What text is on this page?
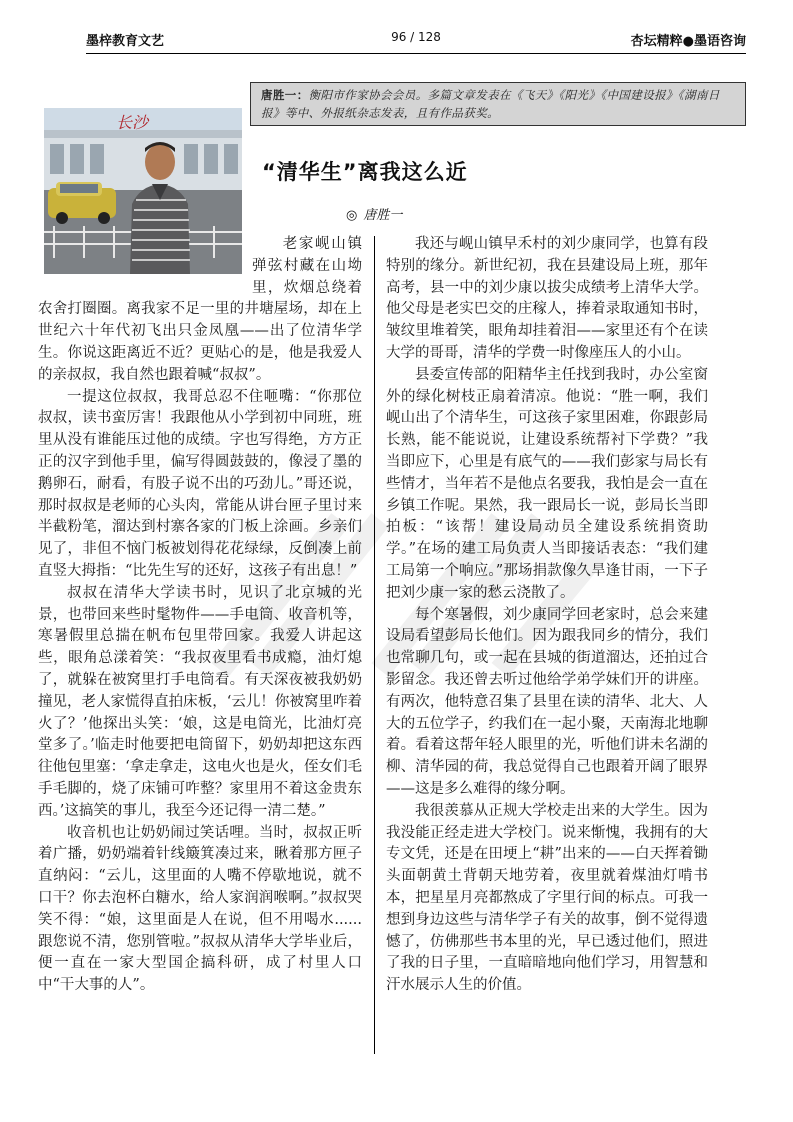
墨梓教育文艺	96 / 128	杏坛精粹●墨语咨询
唐胜一：衡阳市作家协会会员。多篇文章发表在《飞天》《阳光》《中国建设报》《湖南日报》等中、外报纸杂志发表，且有作品获奖。
长沙
“清华生”离我这么近
◎ 唐胜一

老家岘山镇弹弦村藏在山坳里，炊烟总绕着农舍打圈圈。离我家不足一里的井塘屋场，却在上世纪六十年代初飞出只金凤凰——出了位清华学生。你说这距离近不近？更贴心的是，他是我爱人的亲叔叔，我自然也跟着喊“叔叔”。

一提这位叔叔，我哥总忍不住咂嘴：“你那位叔叔，读书蛮厉害！我跟他从小学到初中同班，班里从没有谁能压过他的成绩。字也写得绝，方方正正的汉字到他手里，偏写得圆鼓鼓的，像浸了墨的鹅卵石，耐看，有股子说不出的巧劲儿。”哥还说，那时叔叔是老师的心头肉，常能从讲台匣子里讨来半截粉笔，溜达到村寨各家的门板上涂画。乡亲们见了，非但不恼门板被划得花花绿绿，反倒凑上前直竖大拇指：“比先生写的还好，这孩子有出息！”

叔叔在清华大学读书时，见识了北京城的光景，也带回来些时髦物件——手电筒、收音机等，寒暑假里总揣在帆布包里带回家。我爱人讲起这些，眼角总漾着笑：“我叔夜里看书成瘾，油灯熄了，就躲在被窝里打手电筒看。有天深夜被我奶奶撞见，老人家慌得直拍床板，‘云儿！你被窝里咋着火了？’他探出头笑：‘娘，这是电筒光，比油灯亮堂多了。’临走时他要把电筒留下，奶奶却把这东西往他包里塞：‘拿走拿走，这电火也是火，侄女们毛手毛脚的，烧了床铺可咋整？家里用不着这金贵东西。’这搞笑的事儿，我至今还记得一清二楚。”

收音机也让奶奶闹过笑话哩。当时，叔叔正听着广播，奶奶端着针线簸箕凑过来，瞅着那方匣子直纳闷：“云儿，这里面的人嘴不停歇地说，就不口干？你去泡杯白糖水，给人家润润喉啊。”叔叔哭笑不得：“娘，这里面是人在说，但不用喝水......跟您说不清，您别管啦。”叔叔从清华大学毕业后，便一直在一家大型国企搞科研，成了村里人口中“干大事的人”。

我还与岘山镇早禾村的刘少康同学，也算有段特别的缘分。新世纪初，我在县建设局上班，那年高考，县一中的刘少康以拔尖成绩考上清华大学。他父母是老实巴交的庄稼人，捧着录取通知书时，皱纹里堆着笑，眼角却挂着泪——家里还有个在读大学的哥哥，清华的学费一时像座压人的小山。

县委宣传部的阳精华主任找到我时，办公室窗外的绿化树枝正扇着清凉。他说：“胜一啊，我们岘山出了个清华生，可这孩子家里困难，你跟彭局长熟，能不能说说，让建设系统帮衬下学费？”我当即应下，心里是有底气的——我们彭家与局长有些情才，当年若不是他点名要我，我怕是会一直在乡镇工作呢。果然，我一跟局长一说，彭局长当即拍板：“该帮！建设局动员全建设系统捐资助学。”在场的建工局负责人当即接话表态：“我们建工局第一个响应。”那场捐款像久旱逢甘雨，一下子把刘少康一家的愁云浇散了。

每个寒暑假，刘少康同学回老家时，总会来建设局看望彭局长他们。因为跟我同乡的情分，我们也常聊几句，或一起在县城的街道溜达，还拍过合影留念。我还曾去听过他给学弟学妹们开的讲座。有两次，他特意召集了县里在读的清华、北大、人大的五位学子，约我们在一起小聚，天南海北地聊着。看着这帮年轻人眼里的光，听他们讲未名湖的柳、清华园的荷，我总觉得自己也跟着开阔了眼界——这是多么难得的缘分啊。

我很羡慕从正规大学校走出来的大学生。因为我没能正经走进大学校门。说来惭愧，我拥有的大专文凭，还是在田埂上“耕”出来的——白天挥着锄头面朝黄土背朝天地劳着，夜里就着煤油灯啃书本，把星星月亮都熬成了字里行间的标点。可我一想到身边这些与清华学子有关的故事，倒不觉得遗憾了，仿佛那些书本里的光，早已透过他们，照进了我的日子里，一直暗暗地向他们学习，用智慧和汗水展示人生的价值。
